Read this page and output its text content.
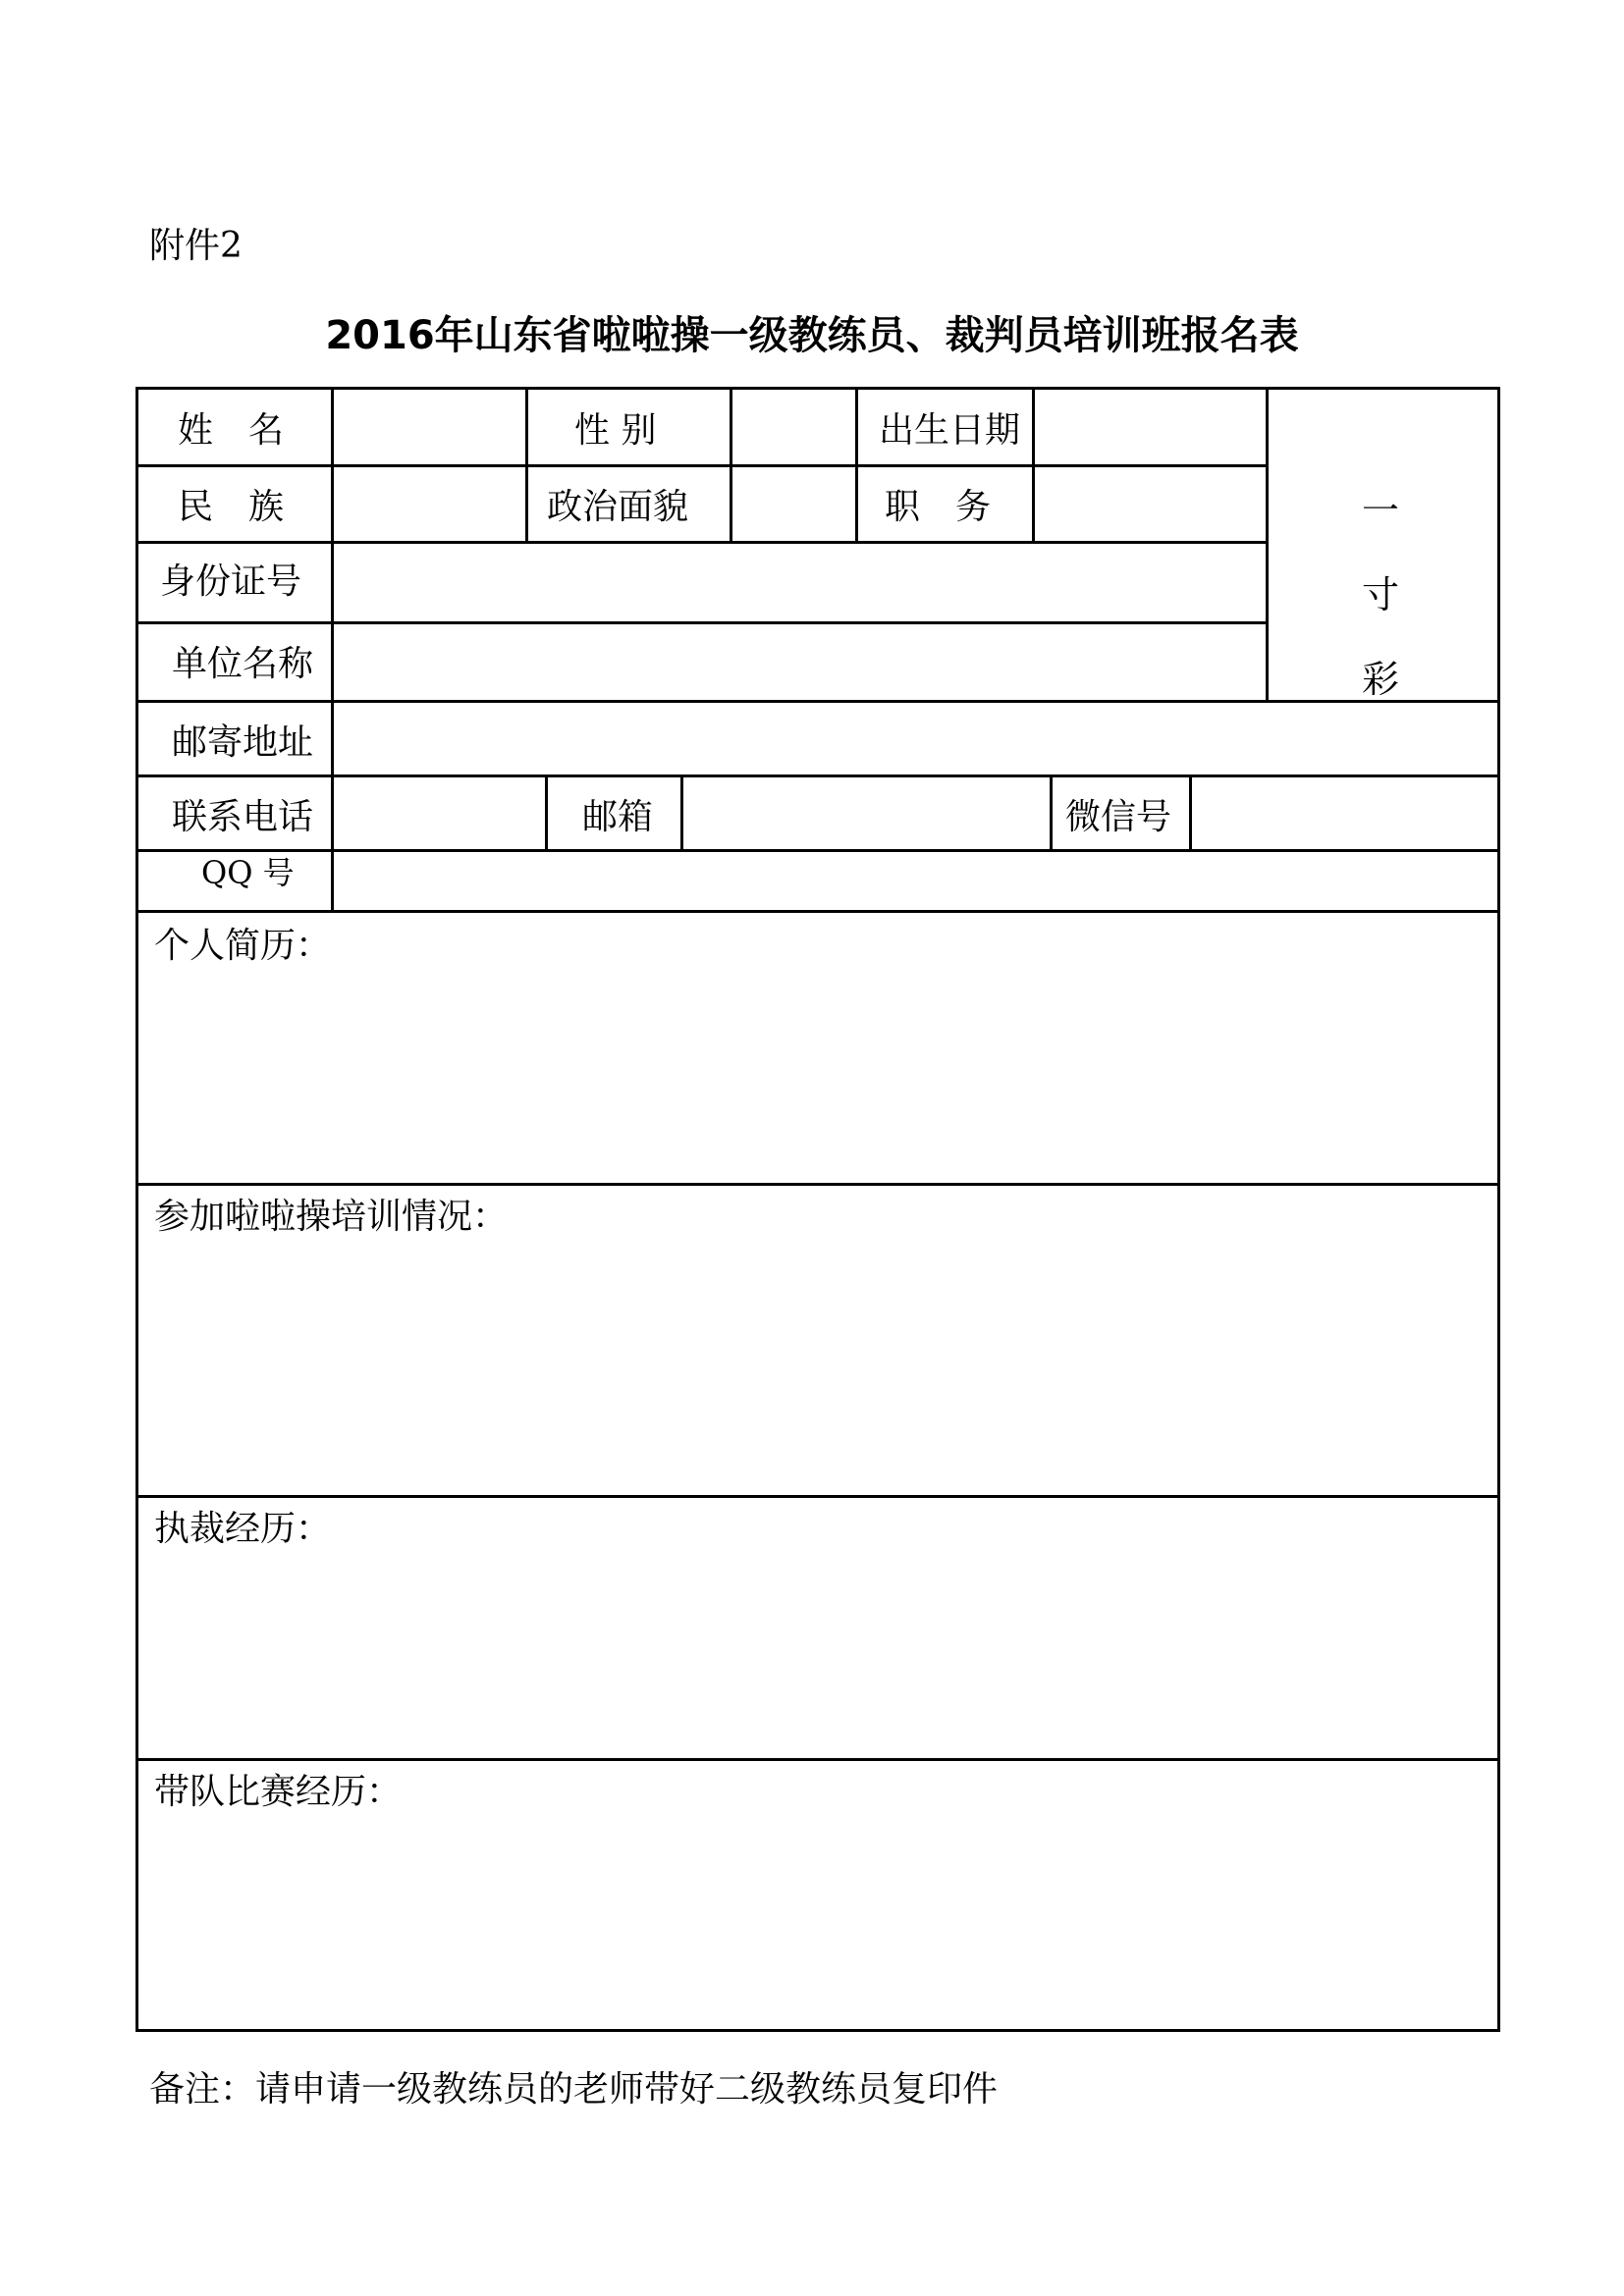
附件2
2016年山东省啦啦操一级教练员、裁判员培训班报名表
姓　名	性 别	出生日期
民　族	政治面貌	职　务
身份证号
单位名称
一
寸
彩
邮寄地址
联系电话	邮箱	微信号
QQ 号
个人简历：
参加啦啦操培训情况：
执裁经历：
带队比赛经历：
备注：请申请一级教练员的老师带好二级教练员复印件
